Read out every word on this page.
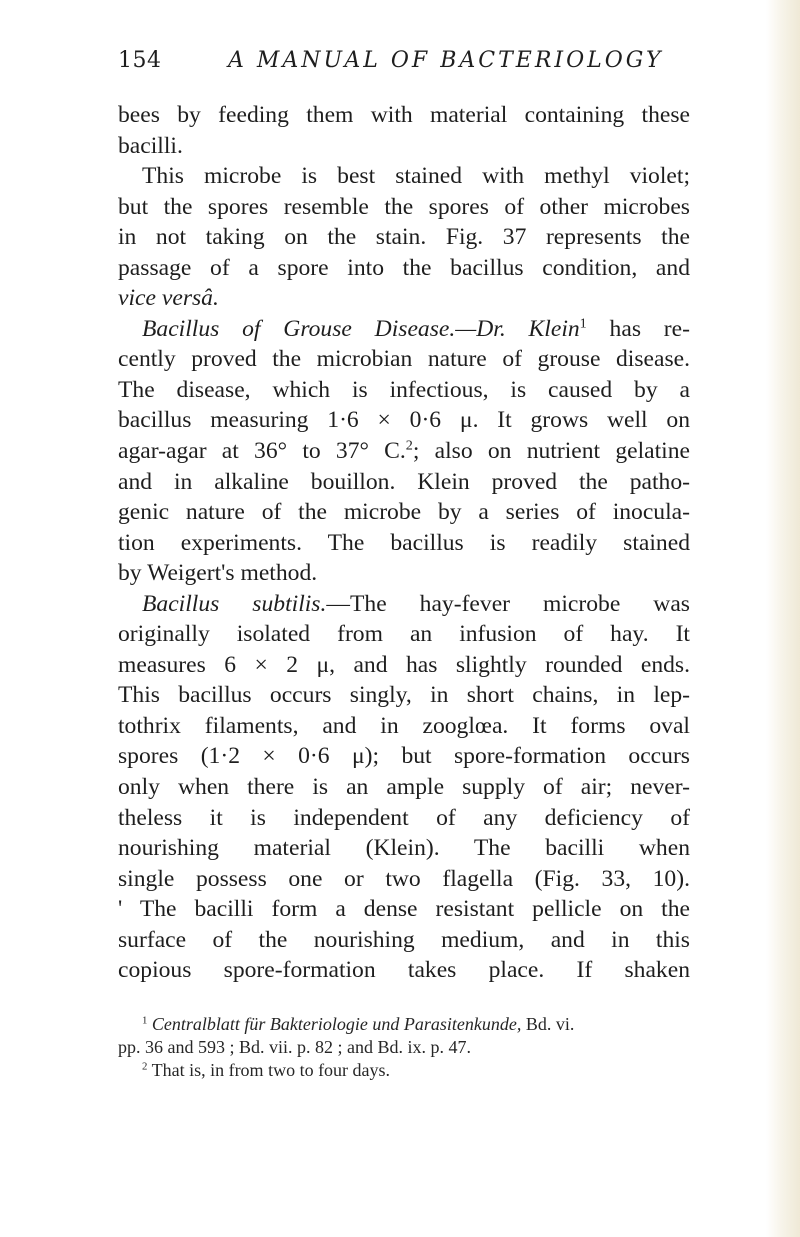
154	A MANUAL OF BACTERIOLOGY
bees by feeding them with material containing these
bacilli.
This microbe is best stained with methyl violet;
but the spores resemble the spores of other microbes
in not taking on the stain. Fig. 37 represents the
passage of a spore into the bacillus condition, and
vice versâ.
Bacillus of Grouse Disease.—Dr. Klein$^1$ has re-
cently proved the microbian nature of grouse disease.
The disease, which is infectious, is caused by a
bacillus measuring 1·6 × 0·6 μ. It grows well on
agar-agar at 36° to 37° C.$^2$; also on nutrient gelatine
and in alkaline bouillon. Klein proved the patho-
genic nature of the microbe by a series of inocula-
tion experiments. The bacillus is readily stained
by Weigert's method.
Bacillus subtilis.—The hay-fever microbe was
originally isolated from an infusion of hay. It
measures 6 × 2 μ, and has slightly rounded ends.
This bacillus occurs singly, in short chains, in lep-
tothrix filaments, and in zooglœa. It forms oval
spores (1·2 × 0·6 μ); but spore-formation occurs
only when there is an ample supply of air; never-
theless it is independent of any deficiency of
nourishing material (Klein). The bacilli when
single possess one or two flagella (Fig. 33, 10).
' The bacilli form a dense resistant pellicle on the
surface of the nourishing medium, and in this
copious spore-formation takes place. If shaken
$^1$ Centralblatt für Bakteriologie und Parasitenkunde, Bd. vi.
pp. 36 and 593 ; Bd. vii. p. 82 ; and Bd. ix. p. 47.
$^2$ That is, in from two to four days.
